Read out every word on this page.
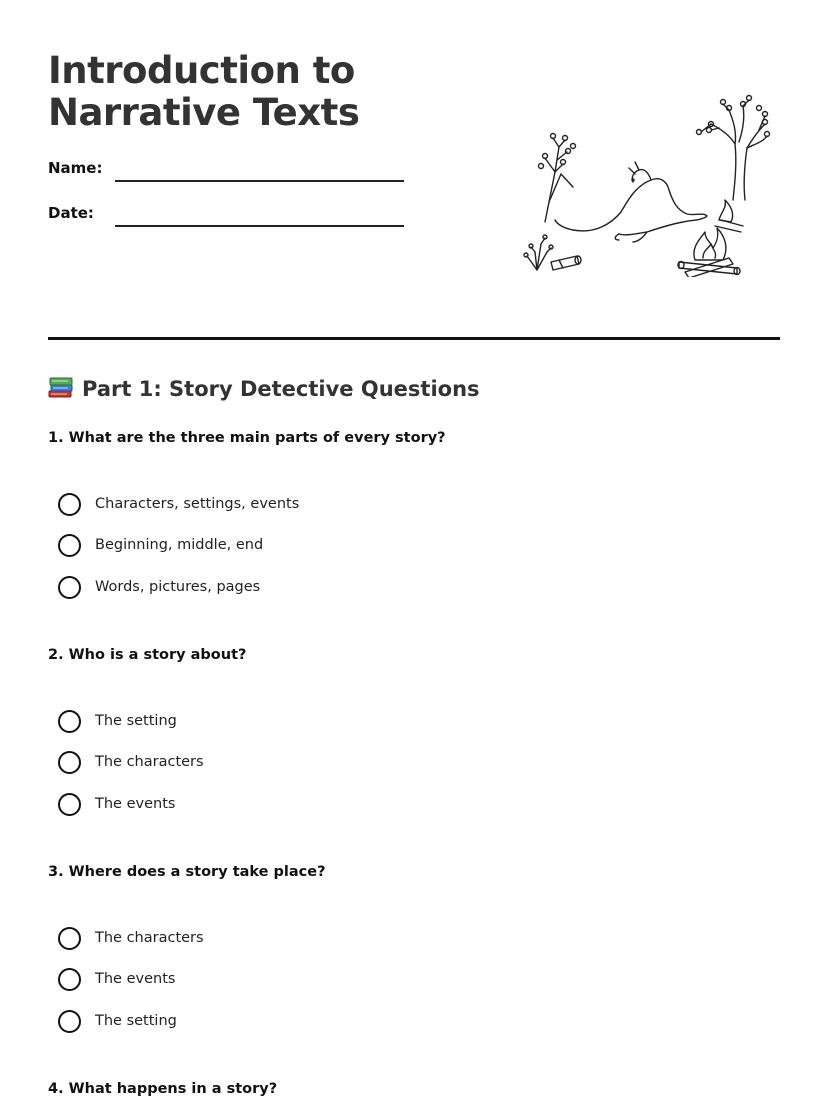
Introduction to
Narrative Texts
Name:
Date:
Part 1: Story Detective Questions

1. What are the three main parts of every story?

Characters, settings, events
Beginning, middle, end
Words, pictures, pages

2. Who is a story about?

The setting
The characters
The events

3. Where does a story take place?

The characters
The events
The setting

4. What happens in a story?
